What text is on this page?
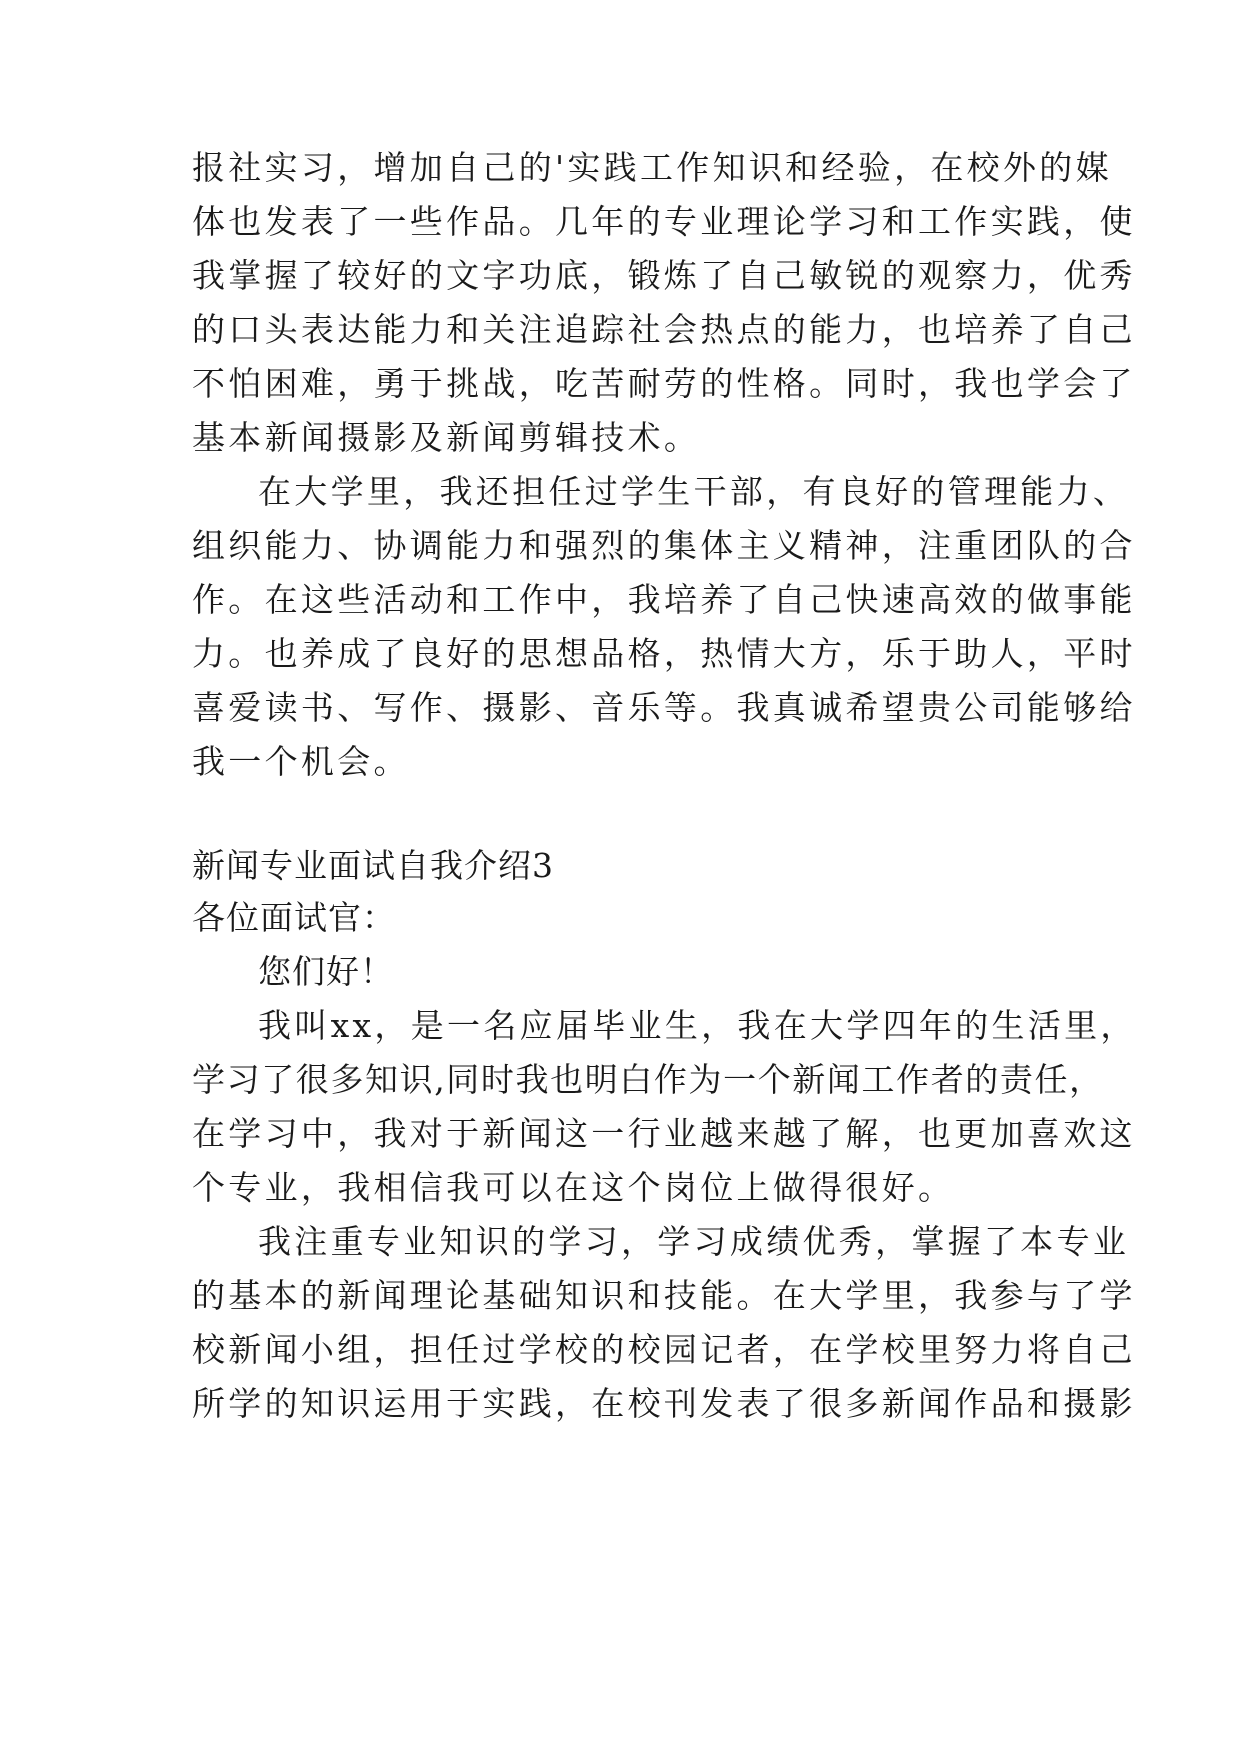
报社实习，增加自己的'实践工作知识和经验，在校外的媒
体也发表了一些作品。几年的专业理论学习和工作实践，使
我掌握了较好的文字功底，锻炼了自己敏锐的观察力，优秀
的口头表达能力和关注追踪社会热点的能力，也培养了自己
不怕困难，勇于挑战，吃苦耐劳的性格。同时，我也学会了
基本新闻摄影及新闻剪辑技术。
在大学里，我还担任过学生干部，有良好的管理能力、
组织能力、协调能力和强烈的集体主义精神，注重团队的合
作。在这些活动和工作中，我培养了自己快速高效的做事能
力。也养成了良好的思想品格，热情大方，乐于助人，平时
喜爱读书、写作、摄影、音乐等。我真诚希望贵公司能够给
我一个机会。
新闻专业面试自我介绍3
各位面试官：
您们好！
我叫xx，是一名应届毕业生，我在大学四年的生活里，
学习了很多知识,同时我也明白作为一个新闻工作者的责任，
在学习中，我对于新闻这一行业越来越了解，也更加喜欢这
个专业，我相信我可以在这个岗位上做得很好。
我注重专业知识的学习，学习成绩优秀，掌握了本专业
的基本的新闻理论基础知识和技能。在大学里，我参与了学
校新闻小组，担任过学校的校园记者，在学校里努力将自己
所学的知识运用于实践，在校刊发表了很多新闻作品和摄影
